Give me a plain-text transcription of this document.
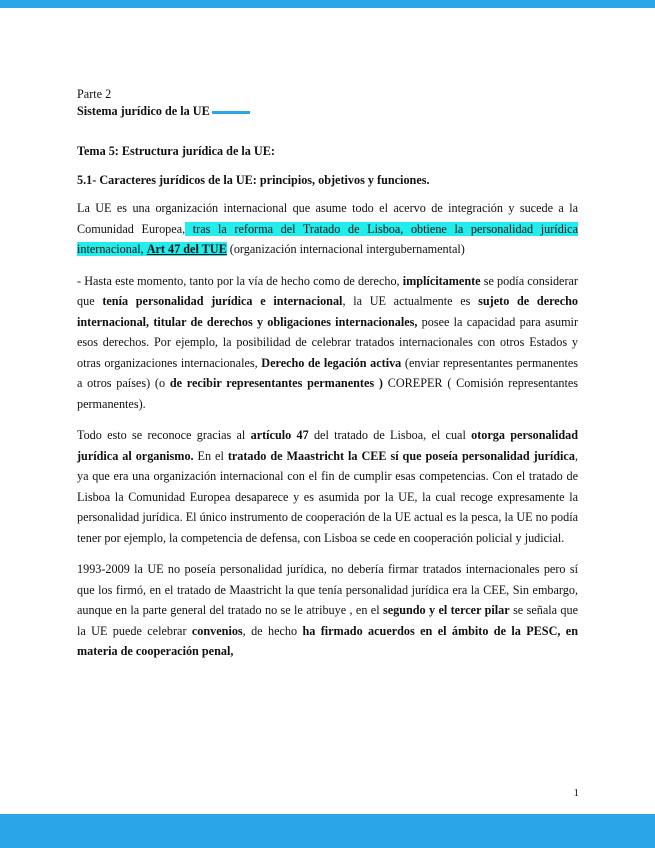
Parte 2

Sistema jurídico de la UE

Tema 5: Estructura jurídica de la UE:

5.1- Caracteres jurídicos de la UE: principios, objetivos y funciones.

La UE es una organización internacional que asume todo el acervo de integración y sucede a la Comunidad Europea, tras la reforma del Tratado de Lisboa, obtiene la personalidad jurídica internacional, Art 47 del TUE (organización internacional intergubernamental)

- Hasta este momento, tanto por la vía de hecho como de derecho, implícitamente se podía considerar que tenía personalidad jurídica e internacional, la UE actualmente es sujeto de derecho internacional, titular de derechos y obligaciones internacionales, posee la capacidad para asumir esos derechos. Por ejemplo, la posibilidad de celebrar tratados internacionales con otros Estados y otras organizaciones internacionales, Derecho de legación activa (enviar representantes permanentes a otros países) (o de recibir representantes permanentes ) COREPER ( Comisión representantes permanentes).

Todo esto se reconoce gracias al artículo 47 del tratado de Lisboa, el cual otorga personalidad jurídica al organismo. En el tratado de Maastricht la CEE sí que poseía personalidad jurídica, ya que era una organización internacional con el fin de cumplir esas competencias. Con el tratado de Lisboa la Comunidad Europea desaparece y es asumida por la UE, la cual recoge expresamente la personalidad jurídica. El único instrumento de cooperación de la UE actual es la pesca, la UE no podía tener por ejemplo, la competencia de defensa, con Lisboa se cede en cooperación policial y judicial.

1993-2009 la UE no poseía personalidad jurídica, no debería firmar tratados internacionales pero sí que los firmó, en el tratado de Maastricht la que tenía personalidad jurídica era la CEE, Sin embargo, aunque en la parte general del tratado no se le atribuye , en el segundo y el tercer pilar se señala que la UE puede celebrar convenios, de hecho ha firmado acuerdos en el ámbito de la PESC, en materia de cooperación penal,

1
